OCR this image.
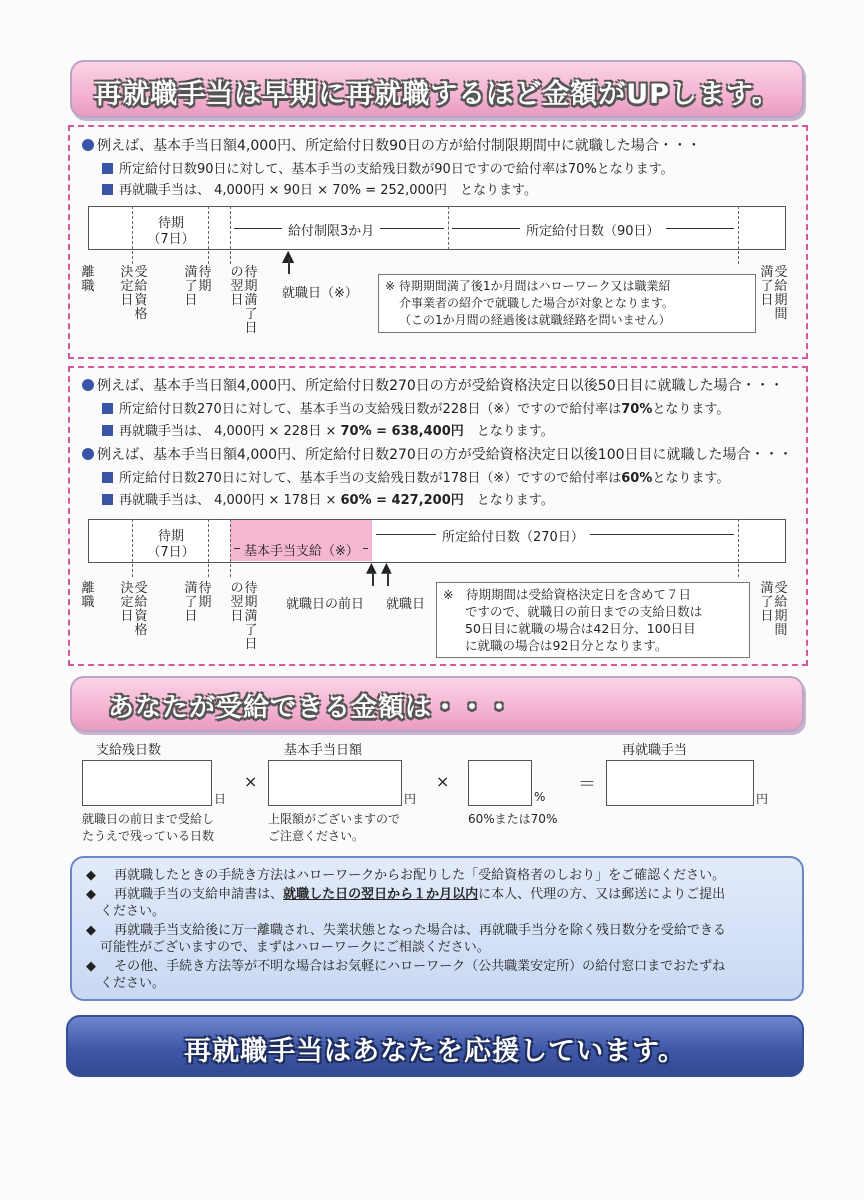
再就職手当は早期に再就職するほど金額がUPします。
例えば、基本手当日額4,000円、所定給付日数90日の方が給付制限期間中に就職した場合・・・
所定給付日数90日に対して、基本手当の支給残日数が90日ですので給付率は70%となります。
再就職手当は、 4,000円 × 90日 × 70% = 252,000円　となります。
待期
（7日）
給付制限3か月	所定給付日数（90日）
▲
就職日（※）
離職
受給資格
決定日
待期
満了日
待期満了日
の翌日
受給期間
満了日
※ 待期期間満了後1か月間はハローワーク又は職業紹
介事業者の紹介で就職した場合が対象となります。
（この1か月間の経過後は就職経路を問いません）
例えば、基本手当日額4,000円、所定給付日数270日の方が受給資格決定日以後50日目に就職した場合・・・
所定給付日数270日に対して、基本手当の支給残日数が228日（※）ですので給付率は70%となります。
再就職手当は、 4,000円 × 228日 × 70% = 638,400円　となります。
例えば、基本手当日額4,000円、所定給付日数270日の方が受給資格決定日以後100日目に就職した場合・・・
所定給付日数270日に対して、基本手当の支給残日数が178日（※）ですので給付率は60%となります。
再就職手当は、 4,000円 × 178日 × 60% = 427,200円　となります。
待期
（7日）	基本手当支給（※）
所定給付日数（270日）
▲ ▲
就職日の前日 就職日
離職
受給資格
決定日
待期
満了日
待期満了日
の翌日
受給期間
満了日
※　待期期間は受給資格決定日を含めて７日
ですので、就職日の前日までの支給日数は
50日目に就職の場合は42日分、100日目
に就職の場合は92日分となります。
あなたが受給できる金額は・・・
支給残日数
日
就職日の前日まで受給し
たうえで残っている日数
×
基本手当日額
円
上限額がございますので
ご注意ください。
×
%
60%または70%
＝
再就職手当
円
◆ 再就職したときの手続き方法はハローワークからお配りした「受給資格者のしおり」をご確認ください。
◆ 再就職手当の支給申請書は、就職した日の翌日から１か月以内に本人、代理の方、又は郵送によりご提出
ください。
◆ 再就職手当支給後に万一離職され、失業状態となった場合は、再就職手当分を除く残日数分を受給できる
可能性がございますので、まずはハローワークにご相談ください。
◆ その他、手続き方法等が不明な場合はお気軽にハローワーク（公共職業安定所）の給付窓口までおたずね
ください。
再就職手当はあなたを応援しています。
